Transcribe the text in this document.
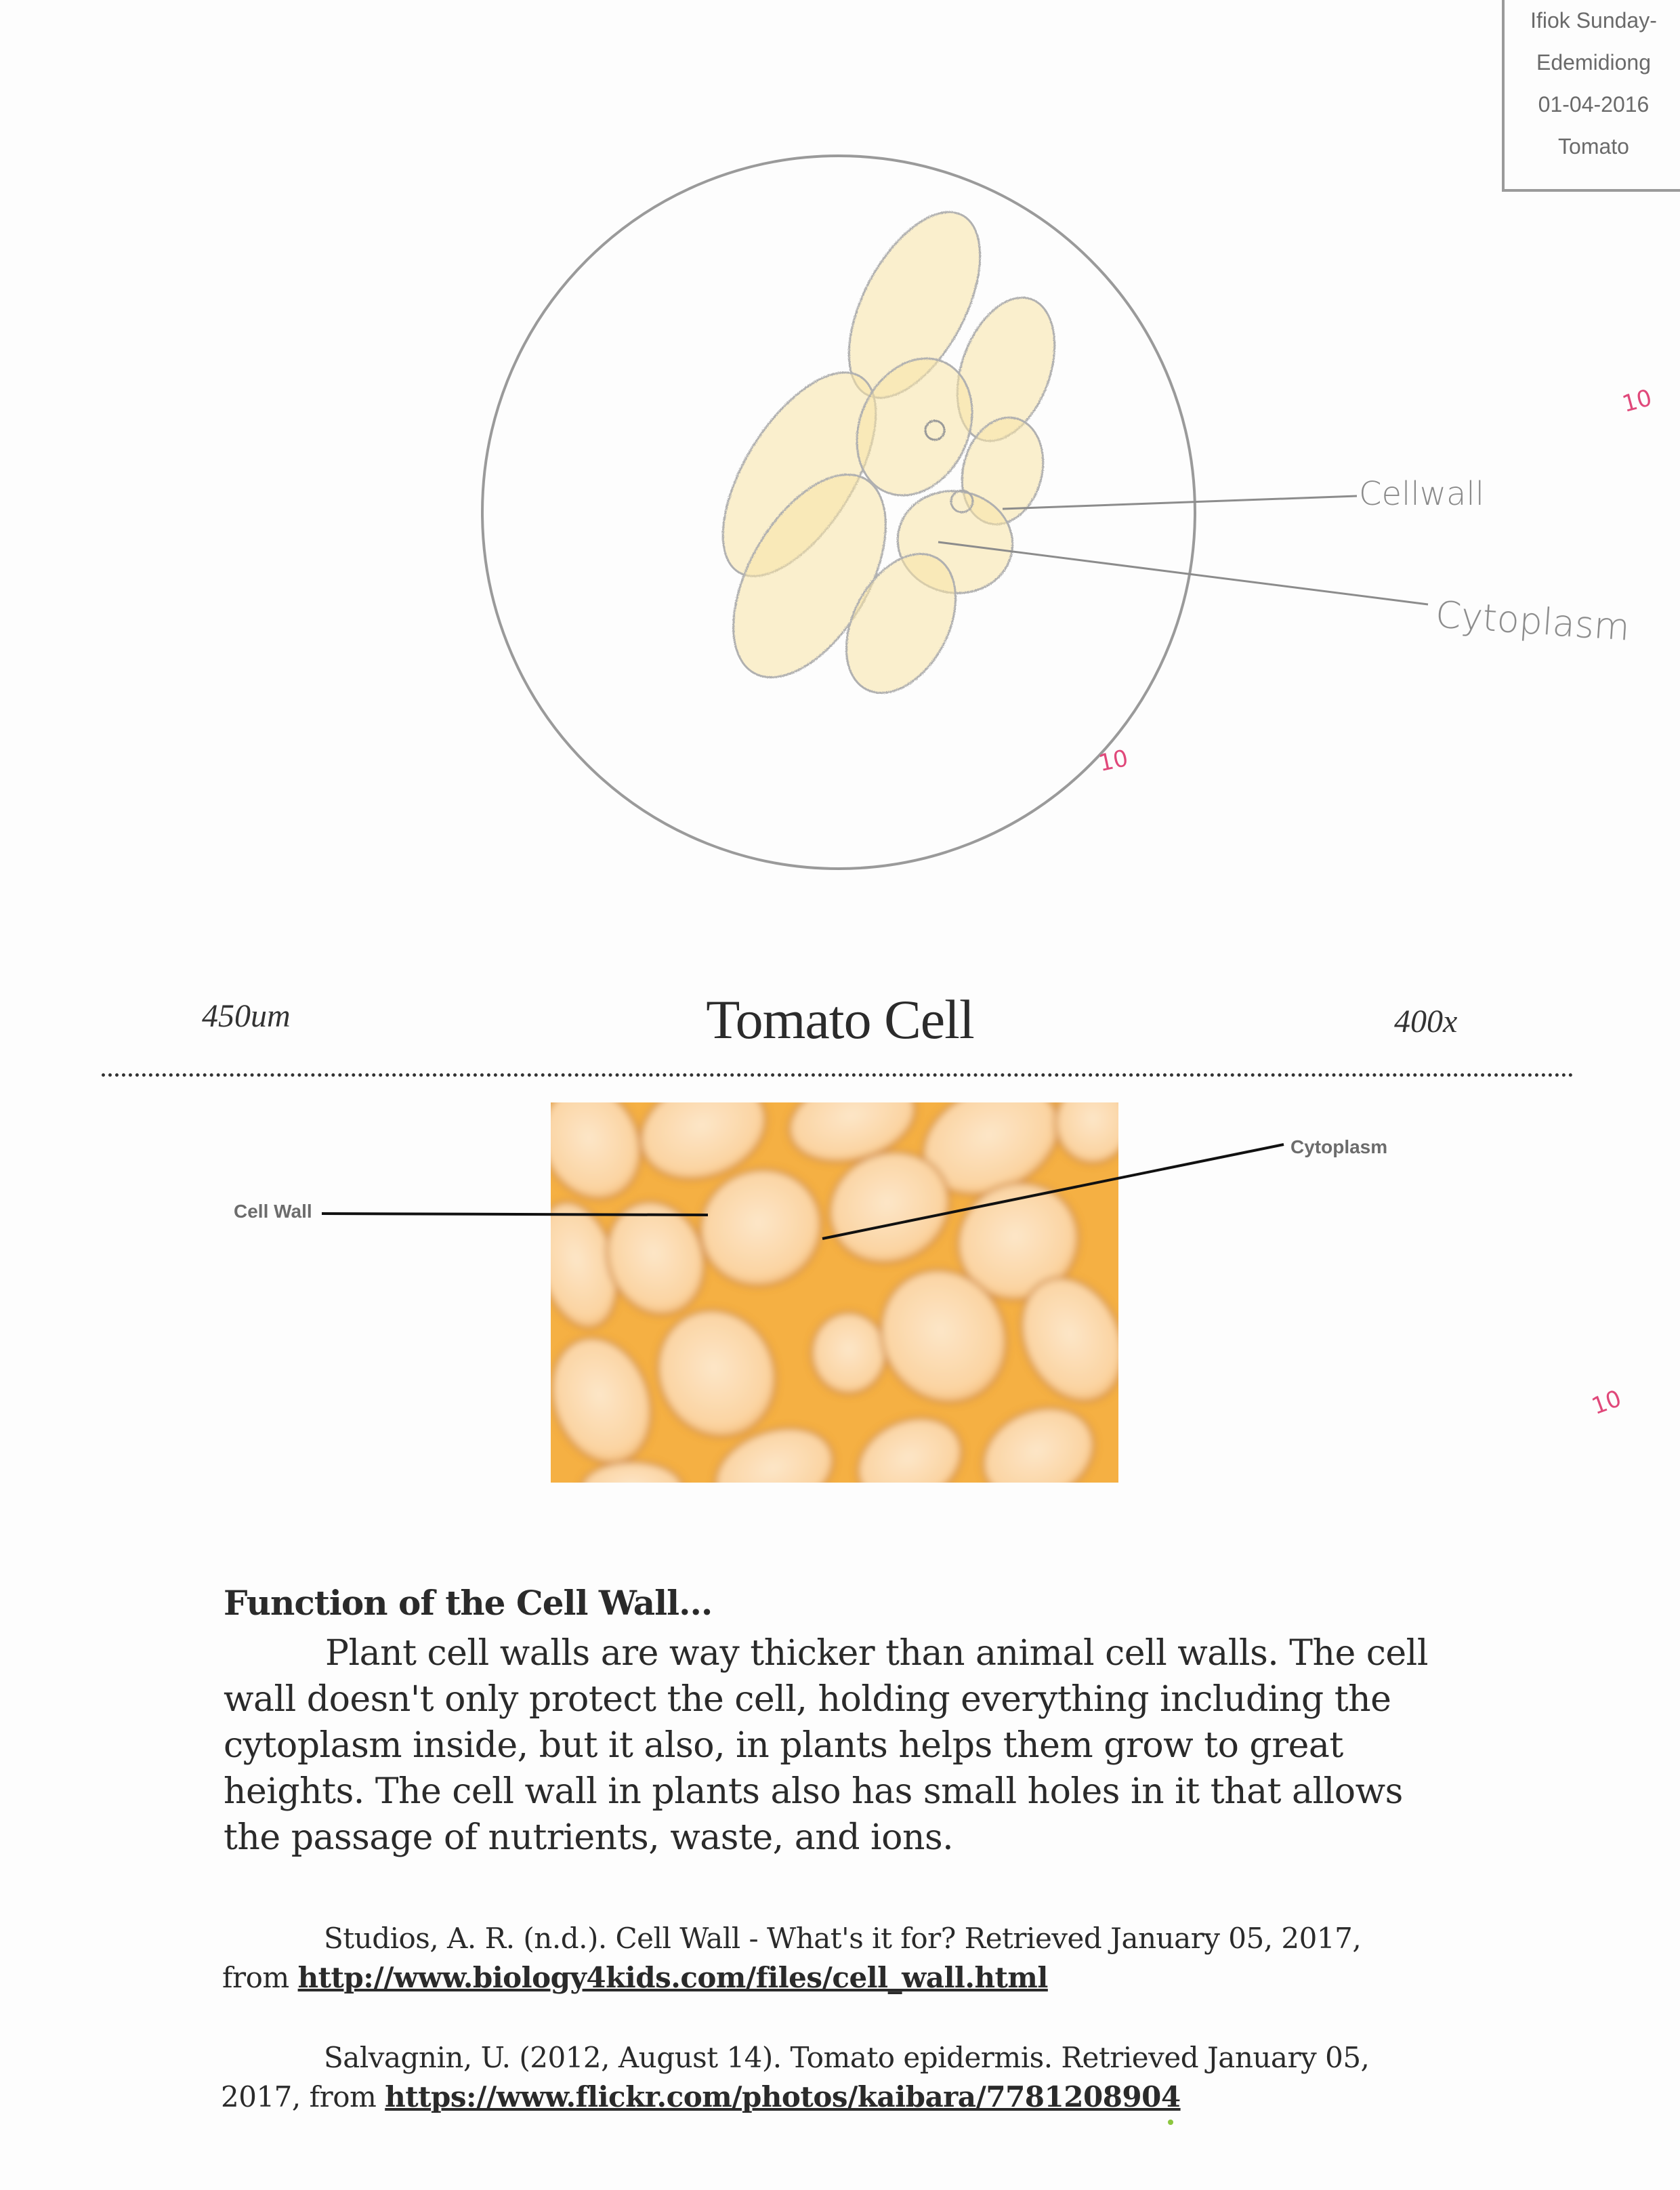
Ifiok Sunday-
Edemidiong
01-04-2016
Tomato
Cellwall
Cytoplasm
10
10
10
450um	Tomato Cell	400x
Cell Wall
Cytoplasm
Function of the Cell Wall...
Plant cell walls are way thicker than animal cell walls. The cell
wall doesn't only protect the cell, holding everything including the
cytoplasm inside, but it also, in plants helps them grow to great
heights. The cell wall in plants also has small holes in it that allows
the passage of nutrients, waste, and ions.
Studios, A. R. (n.d.). Cell Wall - What's it for? Retrieved January 05, 2017,
from http://www.biology4kids.com/files/cell_wall.html
Salvagnin, U. (2012, August 14). Tomato epidermis. Retrieved January 05,
2017, from https://www.flickr.com/photos/kaibara/7781208904
